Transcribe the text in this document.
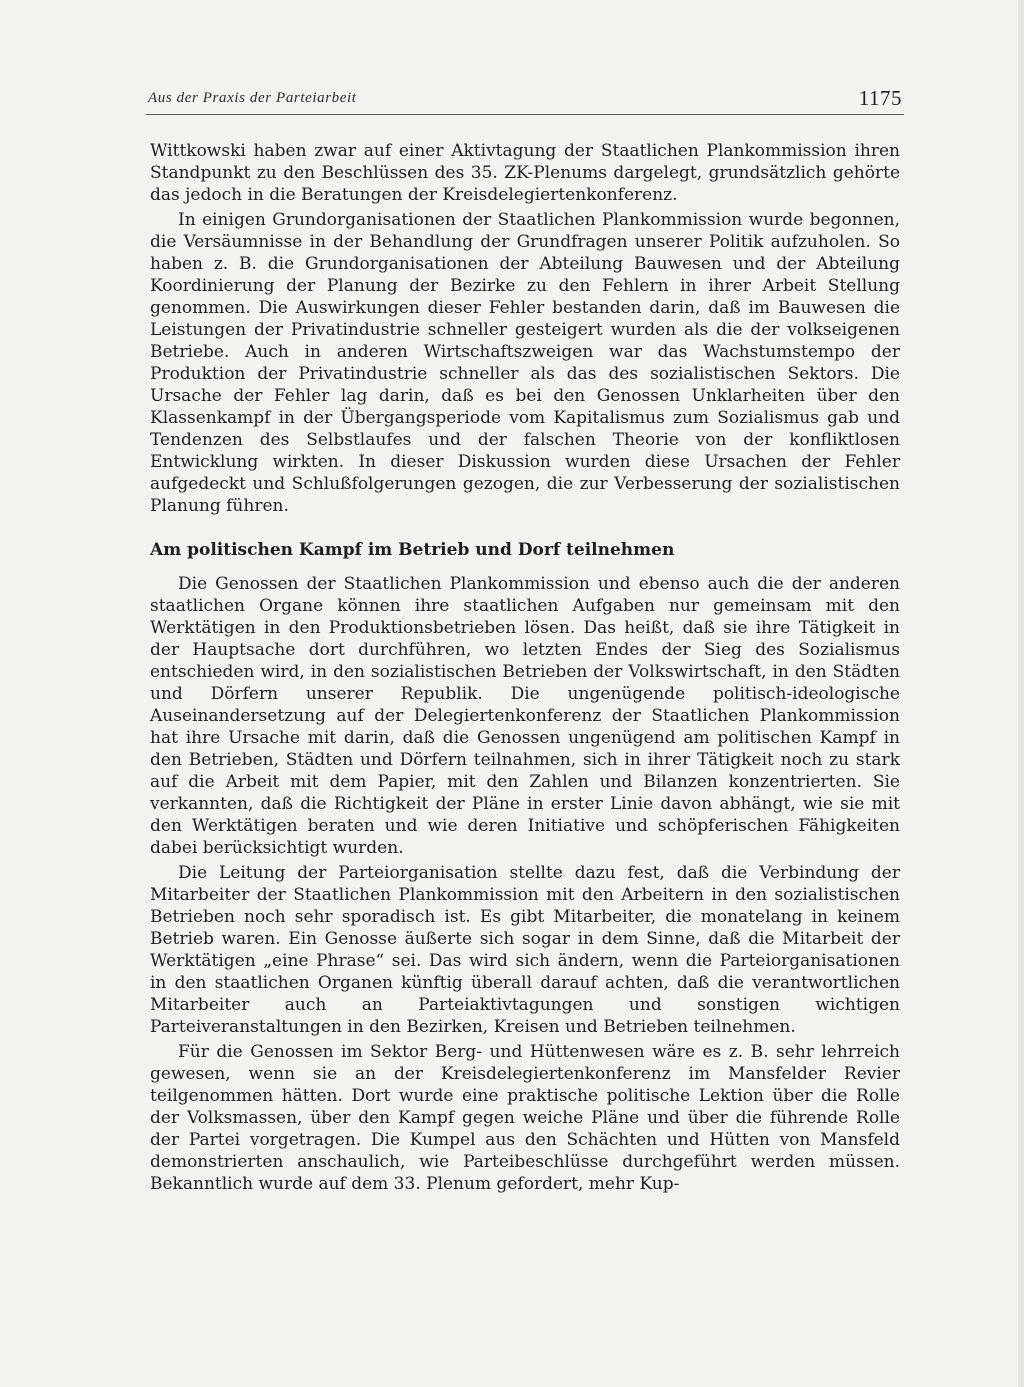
Aus der Praxis der Parteiarbeit	1175

Wittkowski haben zwar auf einer Aktivtagung der Staatlichen Plankommission ihren Standpunkt zu den Beschlüssen des 35. ZK-Plenums dargelegt, grundsätzlich gehörte das jedoch in die Beratungen der Kreisdelegiertenkonferenz.

In einigen Grundorganisationen der Staatlichen Plankommission wurde begonnen, die Versäumnisse in der Behandlung der Grundfragen unserer Politik aufzuholen. So haben z. B. die Grundorganisationen der Abteilung Bauwesen und der Abteilung Koordinierung der Planung der Bezirke zu den Fehlern in ihrer Arbeit Stellung genommen. Die Auswirkungen dieser Fehler bestanden darin, daß im Bauwesen die Leistungen der Privatindustrie schneller gesteigert wurden als die der volkseigenen Betriebe. Auch in anderen Wirtschaftszweigen war das Wachstumstempo der Produktion der Privatindustrie schneller als das des sozialistischen Sektors. Die Ursache der Fehler lag darin, daß es bei den Genossen Unklarheiten über den Klassenkampf in der Übergangsperiode vom Kapitalismus zum Sozialismus gab und Tendenzen des Selbstlaufes und der falschen Theorie von der konfliktlosen Entwicklung wirkten. In dieser Diskussion wurden diese Ursachen der Fehler aufgedeckt und Schlußfolgerungen gezogen, die zur Verbesserung der sozialistischen Planung führen.

Am politischen Kampf im Betrieb und Dorf teilnehmen

Die Genossen der Staatlichen Plankommission und ebenso auch die der anderen staatlichen Organe können ihre staatlichen Aufgaben nur gemeinsam mit den Werktätigen in den Produktionsbetrieben lösen. Das heißt, daß sie ihre Tätigkeit in der Hauptsache dort durchführen, wo letzten Endes der Sieg des Sozialismus entschieden wird, in den sozialistischen Betrieben der Volkswirtschaft, in den Städten und Dörfern unserer Republik. Die ungenügende politisch-ideologische Auseinandersetzung auf der Delegiertenkonferenz der Staatlichen Plankommission hat ihre Ursache mit darin, daß die Genossen ungenügend am politischen Kampf in den Betrieben, Städten und Dörfern teilnahmen, sich in ihrer Tätigkeit noch zu stark auf die Arbeit mit dem Papier, mit den Zahlen und Bilanzen konzentrierten. Sie verkannten, daß die Richtigkeit der Pläne in erster Linie davon abhängt, wie sie mit den Werktätigen beraten und wie deren Initiative und schöpferischen Fähigkeiten dabei berücksichtigt wurden.

Die Leitung der Parteiorganisation stellte dazu fest, daß die Verbindung der Mitarbeiter der Staatlichen Plankommission mit den Arbeitern in den sozialistischen Betrieben noch sehr sporadisch ist. Es gibt Mitarbeiter, die monatelang in keinem Betrieb waren. Ein Genosse äußerte sich sogar in dem Sinne, daß die Mitarbeit der Werktätigen „eine Phrase“ sei. Das wird sich ändern, wenn die Parteiorganisationen in den staatlichen Organen künftig überall darauf achten, daß die verantwortlichen Mitarbeiter auch an Parteiaktivtagungen und sonstigen wichtigen Parteiveranstaltungen in den Bezirken, Kreisen und Betrieben teilnehmen.

Für die Genossen im Sektor Berg- und Hüttenwesen wäre es z. B. sehr lehrreich gewesen, wenn sie an der Kreisdelegiertenkonferenz im Mansfelder Revier teilgenommen hätten. Dort wurde eine praktische politische Lektion über die Rolle der Volksmassen, über den Kampf gegen weiche Pläne und über die führende Rolle der Partei vorgetragen. Die Kumpel aus den Schächten und Hütten von Mansfeld demonstrierten anschaulich, wie Parteibeschlüsse durchgeführt werden müssen. Bekanntlich wurde auf dem 33. Plenum gefordert, mehr Kup-
